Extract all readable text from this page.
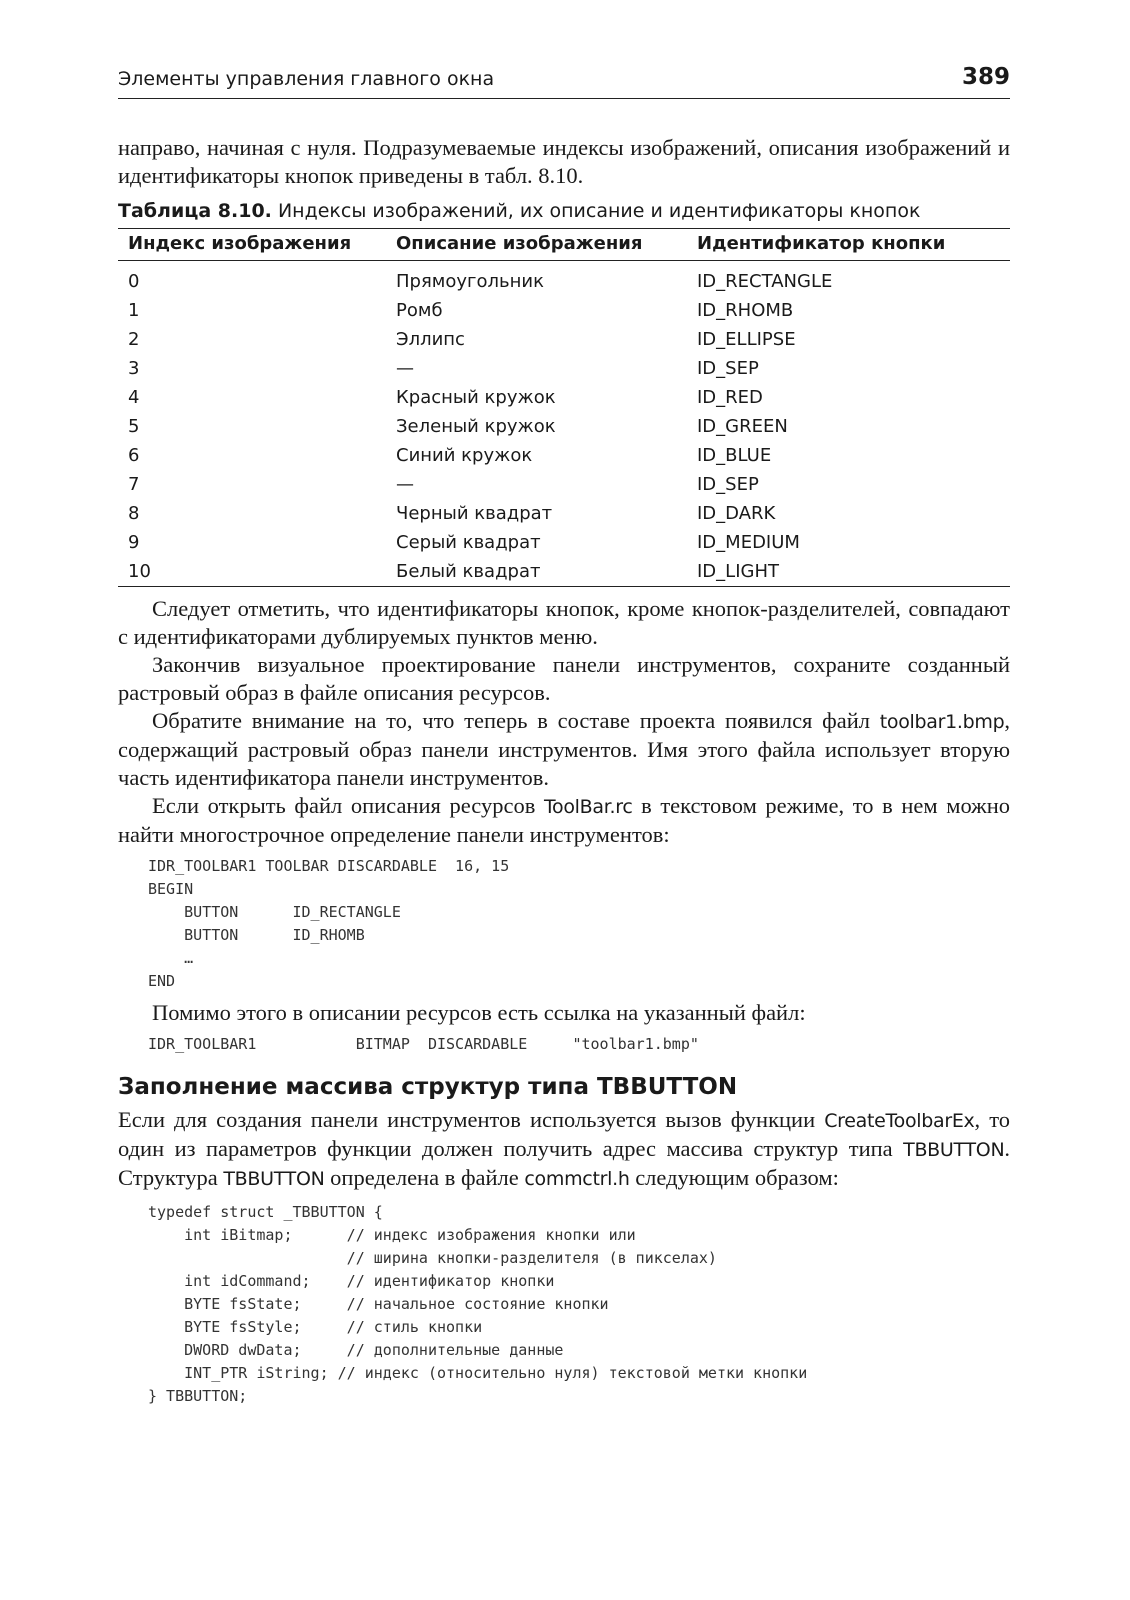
Элементы управления главного окна	389

направо, начиная с нуля. Подразумеваемые индексы изображений, описания изображений и идентификаторы кнопок приведены в табл. 8.10.

Таблица 8.10. Индексы изображений, их описание и идентификаторы кнопок
Индекс изображения	Описание изображения	Идентификатор кнопки
0	Прямоугольник	ID_RECTANGLE
1	Ромб	ID_RHOMB
2	Эллипс	ID_ELLIPSE
3	—	ID_SEP
4	Красный кружок	ID_RED
5	Зеленый кружок	ID_GREEN
6	Синий кружок	ID_BLUE
7	—	ID_SEP
8	Черный квадрат	ID_DARK
9	Серый квадрат	ID_MEDIUM
10	Белый квадрат	ID_LIGHT

Следует отметить, что идентификаторы кнопок, кроме кнопок-разделителей, совпадают с идентификаторами дублируемых пунктов меню.

Закончив визуальное проектирование панели инструментов, сохраните созданный растровый образ в файле описания ресурсов.

Обратите внимание на то, что теперь в составе проекта появился файл toolbar1.bmp, содержащий растровый образ панели инструментов. Имя этого файла использует вторую часть идентификатора панели инструментов.

Если открыть файл описания ресурсов ToolBar.rc в текстовом режиме, то в нем можно найти многострочное определение панели инструментов:

IDR_TOOLBAR1 TOOLBAR DISCARDABLE  16, 15
BEGIN
BUTTON      ID_RECTANGLE
BUTTON      ID_RHOMB
…
END

Помимо этого в описании ресурсов есть ссылка на указанный файл:

IDR_TOOLBAR1           BITMAP  DISCARDABLE     "toolbar1.bmp"
Заполнение массива структур типа TBBUTTON

Если для создания панели инструментов используется вызов функции CreateToolbarEx, то один из параметров функции должен получить адрес массива структур типа TBBUTTON. Структура TBBUTTON определена в файле commctrl.h следующим образом:

typedef struct _TBBUTTON {
int iBitmap;      // индекс изображения кнопки или
// ширина кнопки-разделителя (в пикселах)
int idCommand;    // идентификатор кнопки
BYTE fsState;     // начальное состояние кнопки
BYTE fsStyle;     // стиль кнопки
DWORD dwData;     // дополнительные данные
INT_PTR iString; // индекс (относительно нуля) текстовой метки кнопки
} TBBUTTON;
